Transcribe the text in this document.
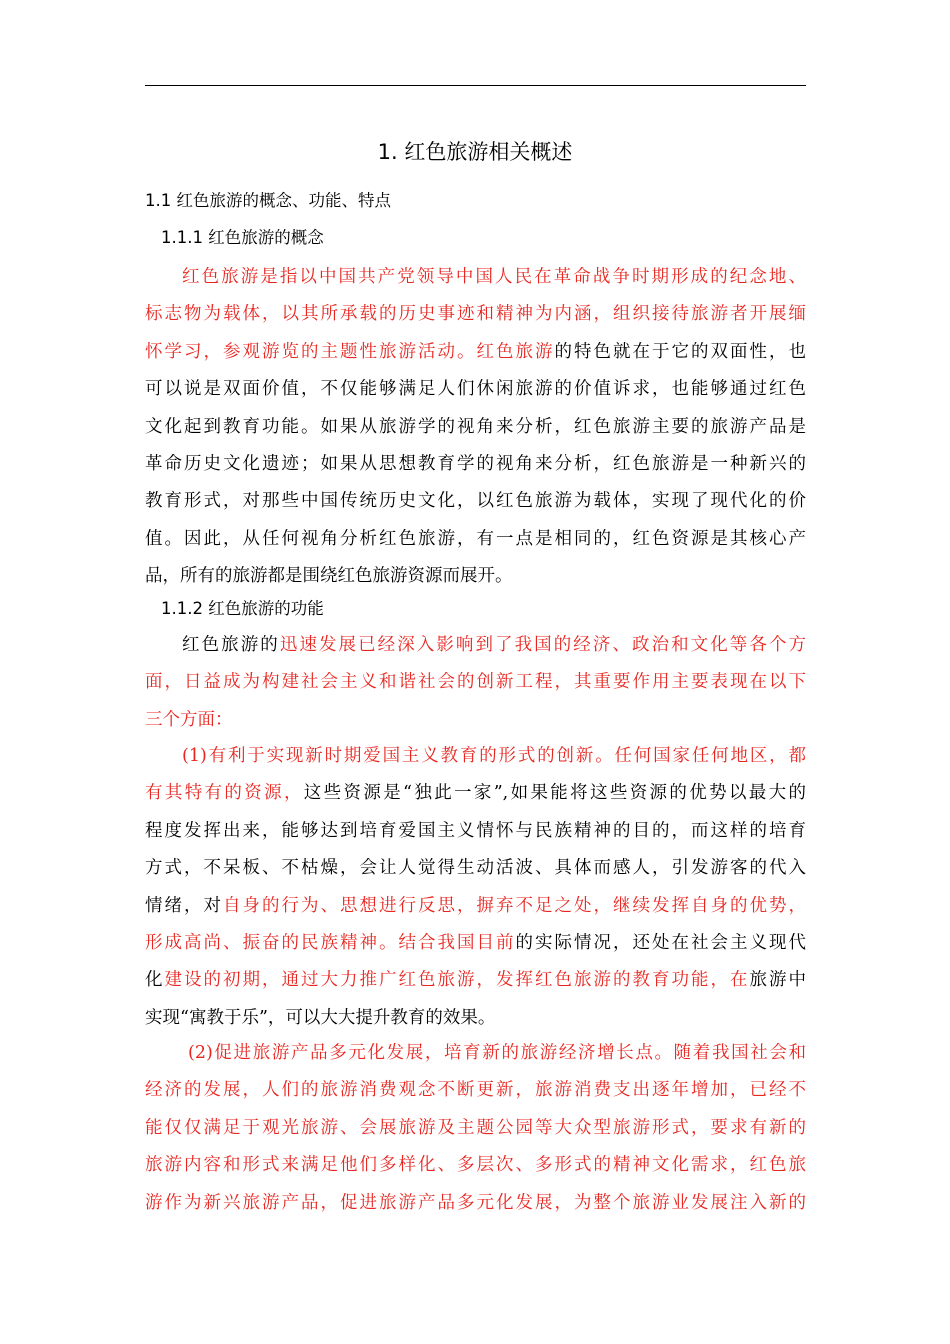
1. 红色旅游相关概述
1.1 红色旅游的概念、功能、特点
1.1.1 红色旅游的概念
红色旅游是指以中国共产党领导中国人民在革命战争时期形成的纪念地、
标志物为载体，以其所承载的历史事迹和精神为内涵，组织接待旅游者开展缅
怀学习，参观游览的主题性旅游活动。红色旅游的特色就在于它的双面性，也
可以说是双面价值，不仅能够满足人们休闲旅游的价值诉求，也能够通过红色
文化起到教育功能。如果从旅游学的视角来分析，红色旅游主要的旅游产品是
革命历史文化遗迹；如果从思想教育学的视角来分析，红色旅游是一种新兴的
教育形式，对那些中国传统历史文化，以红色旅游为载体，实现了现代化的价
值。因此，从任何视角分析红色旅游，有一点是相同的，红色资源是其核心产
品，所有的旅游都是围绕红色旅游资源而展开。
1.1.2 红色旅游的功能
红色旅游的迅速发展已经深入影响到了我国的经济、政治和文化等各个方
面，日益成为构建社会主义和谐社会的创新工程，其重要作用主要表现在以下
三个方面：
(1)有利于实现新时期爱国主义教育的形式的创新。任何国家任何地区，都
有其特有的资源，这些资源是“独此一家”,如果能将这些资源的优势以最大的
程度发挥出来，能够达到培育爱国主义情怀与民族精神的目的，而这样的培育
方式，不呆板、不枯燥，会让人觉得生动活波、具体而感人，引发游客的代入
情绪，对自身的行为、思想进行反思，摒弃不足之处，继续发挥自身的优势，
形成高尚、振奋的民族精神。结合我国目前的实际情况，还处在社会主义现代
化建设的初期，通过大力推广红色旅游，发挥红色旅游的教育功能，在旅游中
实现“寓教于乐”，可以大大提升教育的效果。
(2)促进旅游产品多元化发展，培育新的旅游经济增长点。随着我国社会和
经济的发展，人们的旅游消费观念不断更新，旅游消费支出逐年增加，已经不
能仅仅满足于观光旅游、会展旅游及主题公园等大众型旅游形式，要求有新的
旅游内容和形式来满足他们多样化、多层次、多形式的精神文化需求，红色旅
游作为新兴旅游产品，促进旅游产品多元化发展，为整个旅游业发展注入新的
